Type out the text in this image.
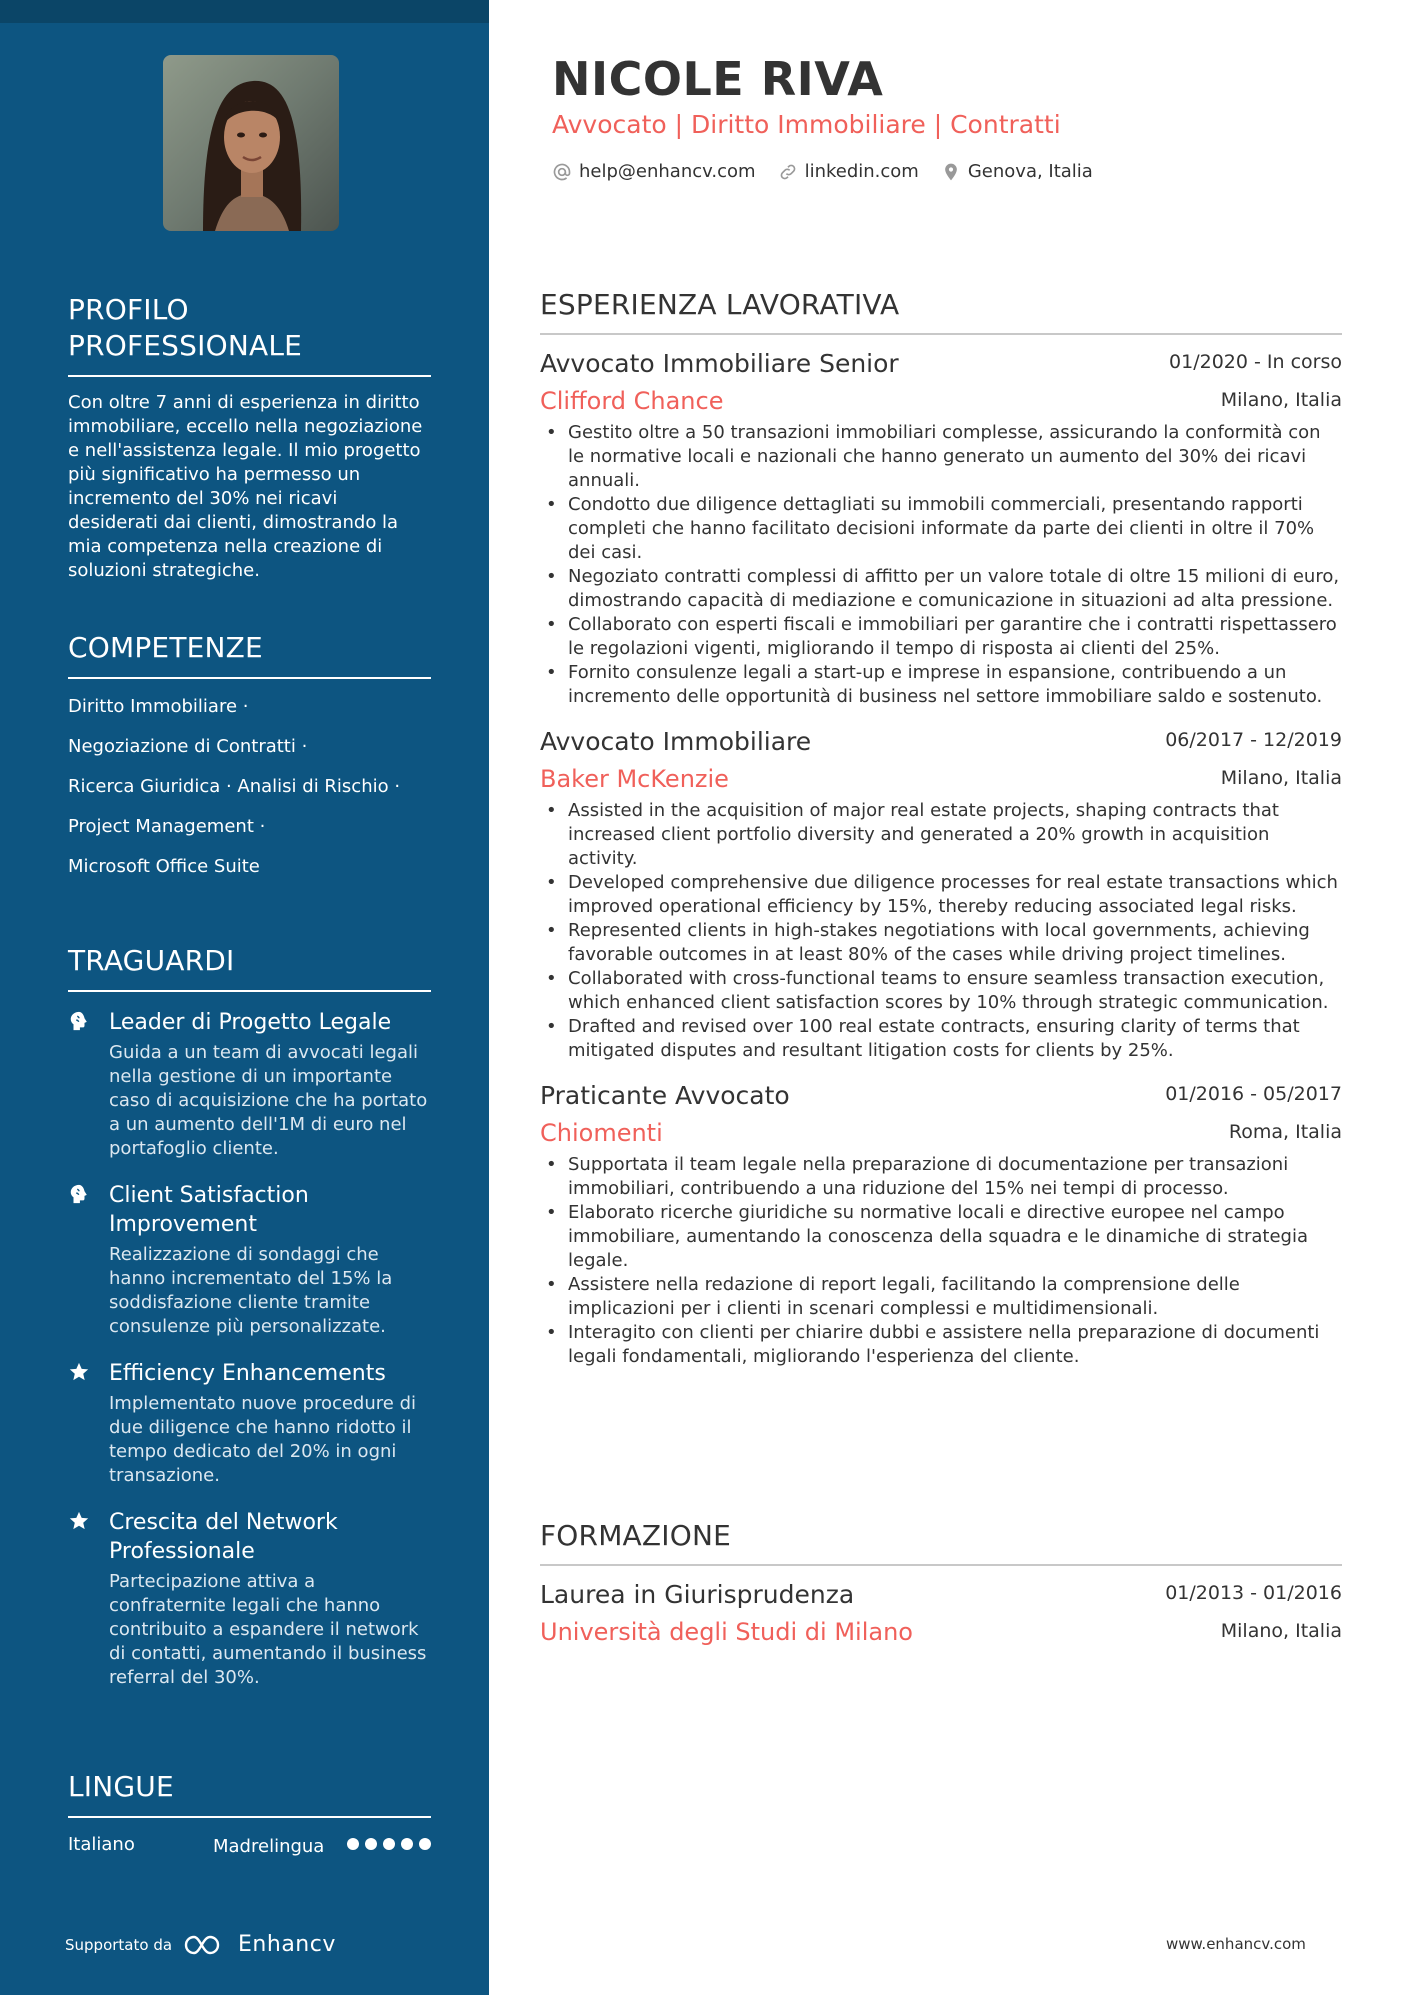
PROFILO PROFESSIONALE
Con oltre 7 anni di esperienza in diritto immobiliare, eccello nella negoziazione e nell'assistenza legale. Il mio progetto più significativo ha permesso un incremento del 30% nei ricavi desiderati dai clienti, dimostrando la mia competenza nella creazione di soluzioni strategiche.
COMPETENZE
Diritto Immobiliare ·
Negoziazione di Contratti ·
Ricerca Giuridica · Analisi di Rischio ·
Project Management ·
Microsoft Office Suite
TRAGUARDI
Leader di Progetto Legale
Guida a un team di avvocati legali nella gestione di un importante caso di acquisizione che ha portato a un aumento dell'1M di euro nel portafoglio cliente.
Client Satisfaction Improvement
Realizzazione di sondaggi che hanno incrementato del 15% la soddisfazione cliente tramite consulenze più personalizzate.
Efficiency Enhancements
Implementato nuove procedure di due diligence che hanno ridotto il tempo dedicato del 20% in ogni transazione.
Crescita del Network Professionale
Partecipazione attiva a confraternite legali che hanno contribuito a espandere il network di contatti, aumentando il business referral del 30%.
LINGUE
Italiano	Madrelingua
Supportato da	Enhancv
NICOLE RIVA
Avvocato | Diritto Immobiliare | Contratti
help@enhancv.com	linkedin.com	Genova, Italia
ESPERIENZA LAVORATIVA
Avvocato Immobiliare Senior	01/2020 - In corso
Clifford Chance	Milano, Italia
• Gestito oltre a 50 transazioni immobiliari complesse, assicurando la conformità con le normative locali e nazionali che hanno generato un aumento del 30% dei ricavi annuali.
• Condotto due diligence dettagliati su immobili commerciali, presentando rapporti completi che hanno facilitato decisioni informate da parte dei clienti in oltre il 70% dei casi.
• Negoziato contratti complessi di affitto per un valore totale di oltre 15 milioni di euro, dimostrando capacità di mediazione e comunicazione in situazioni ad alta pressione.
• Collaborato con esperti fiscali e immobiliari per garantire che i contratti rispettassero le regolazioni vigenti, migliorando il tempo di risposta ai clienti del 25%.
• Fornito consulenze legali a start-up e imprese in espansione, contribuendo a un incremento delle opportunità di business nel settore immobiliare saldo e sostenuto.
Avvocato Immobiliare	06/2017 - 12/2019
Baker McKenzie	Milano, Italia
• Assisted in the acquisition of major real estate projects, shaping contracts that increased client portfolio diversity and generated a 20% growth in acquisition activity.
• Developed comprehensive due diligence processes for real estate transactions which improved operational efficiency by 15%, thereby reducing associated legal risks.
• Represented clients in high-stakes negotiations with local governments, achieving favorable outcomes in at least 80% of the cases while driving project timelines.
• Collaborated with cross-functional teams to ensure seamless transaction execution, which enhanced client satisfaction scores by 10% through strategic communication.
• Drafted and revised over 100 real estate contracts, ensuring clarity of terms that mitigated disputes and resultant litigation costs for clients by 25%.
Praticante Avvocato	01/2016 - 05/2017
Chiomenti	Roma, Italia
• Supportata il team legale nella preparazione di documentazione per transazioni immobiliari, contribuendo a una riduzione del 15% nei tempi di processo.
• Elaborato ricerche giuridiche su normative locali e directive europee nel campo immobiliare, aumentando la conoscenza della squadra e le dinamiche di strategia legale.
• Assistere nella redazione di report legali, facilitando la comprensione delle implicazioni per i clienti in scenari complessi e multidimensionali.
• Interagito con clienti per chiarire dubbi e assistere nella preparazione di documenti legali fondamentali, migliorando l'esperienza del cliente.
FORMAZIONE
Laurea in Giurisprudenza	01/2013 - 01/2016
Università degli Studi di Milano	Milano, Italia
www.enhancv.com
